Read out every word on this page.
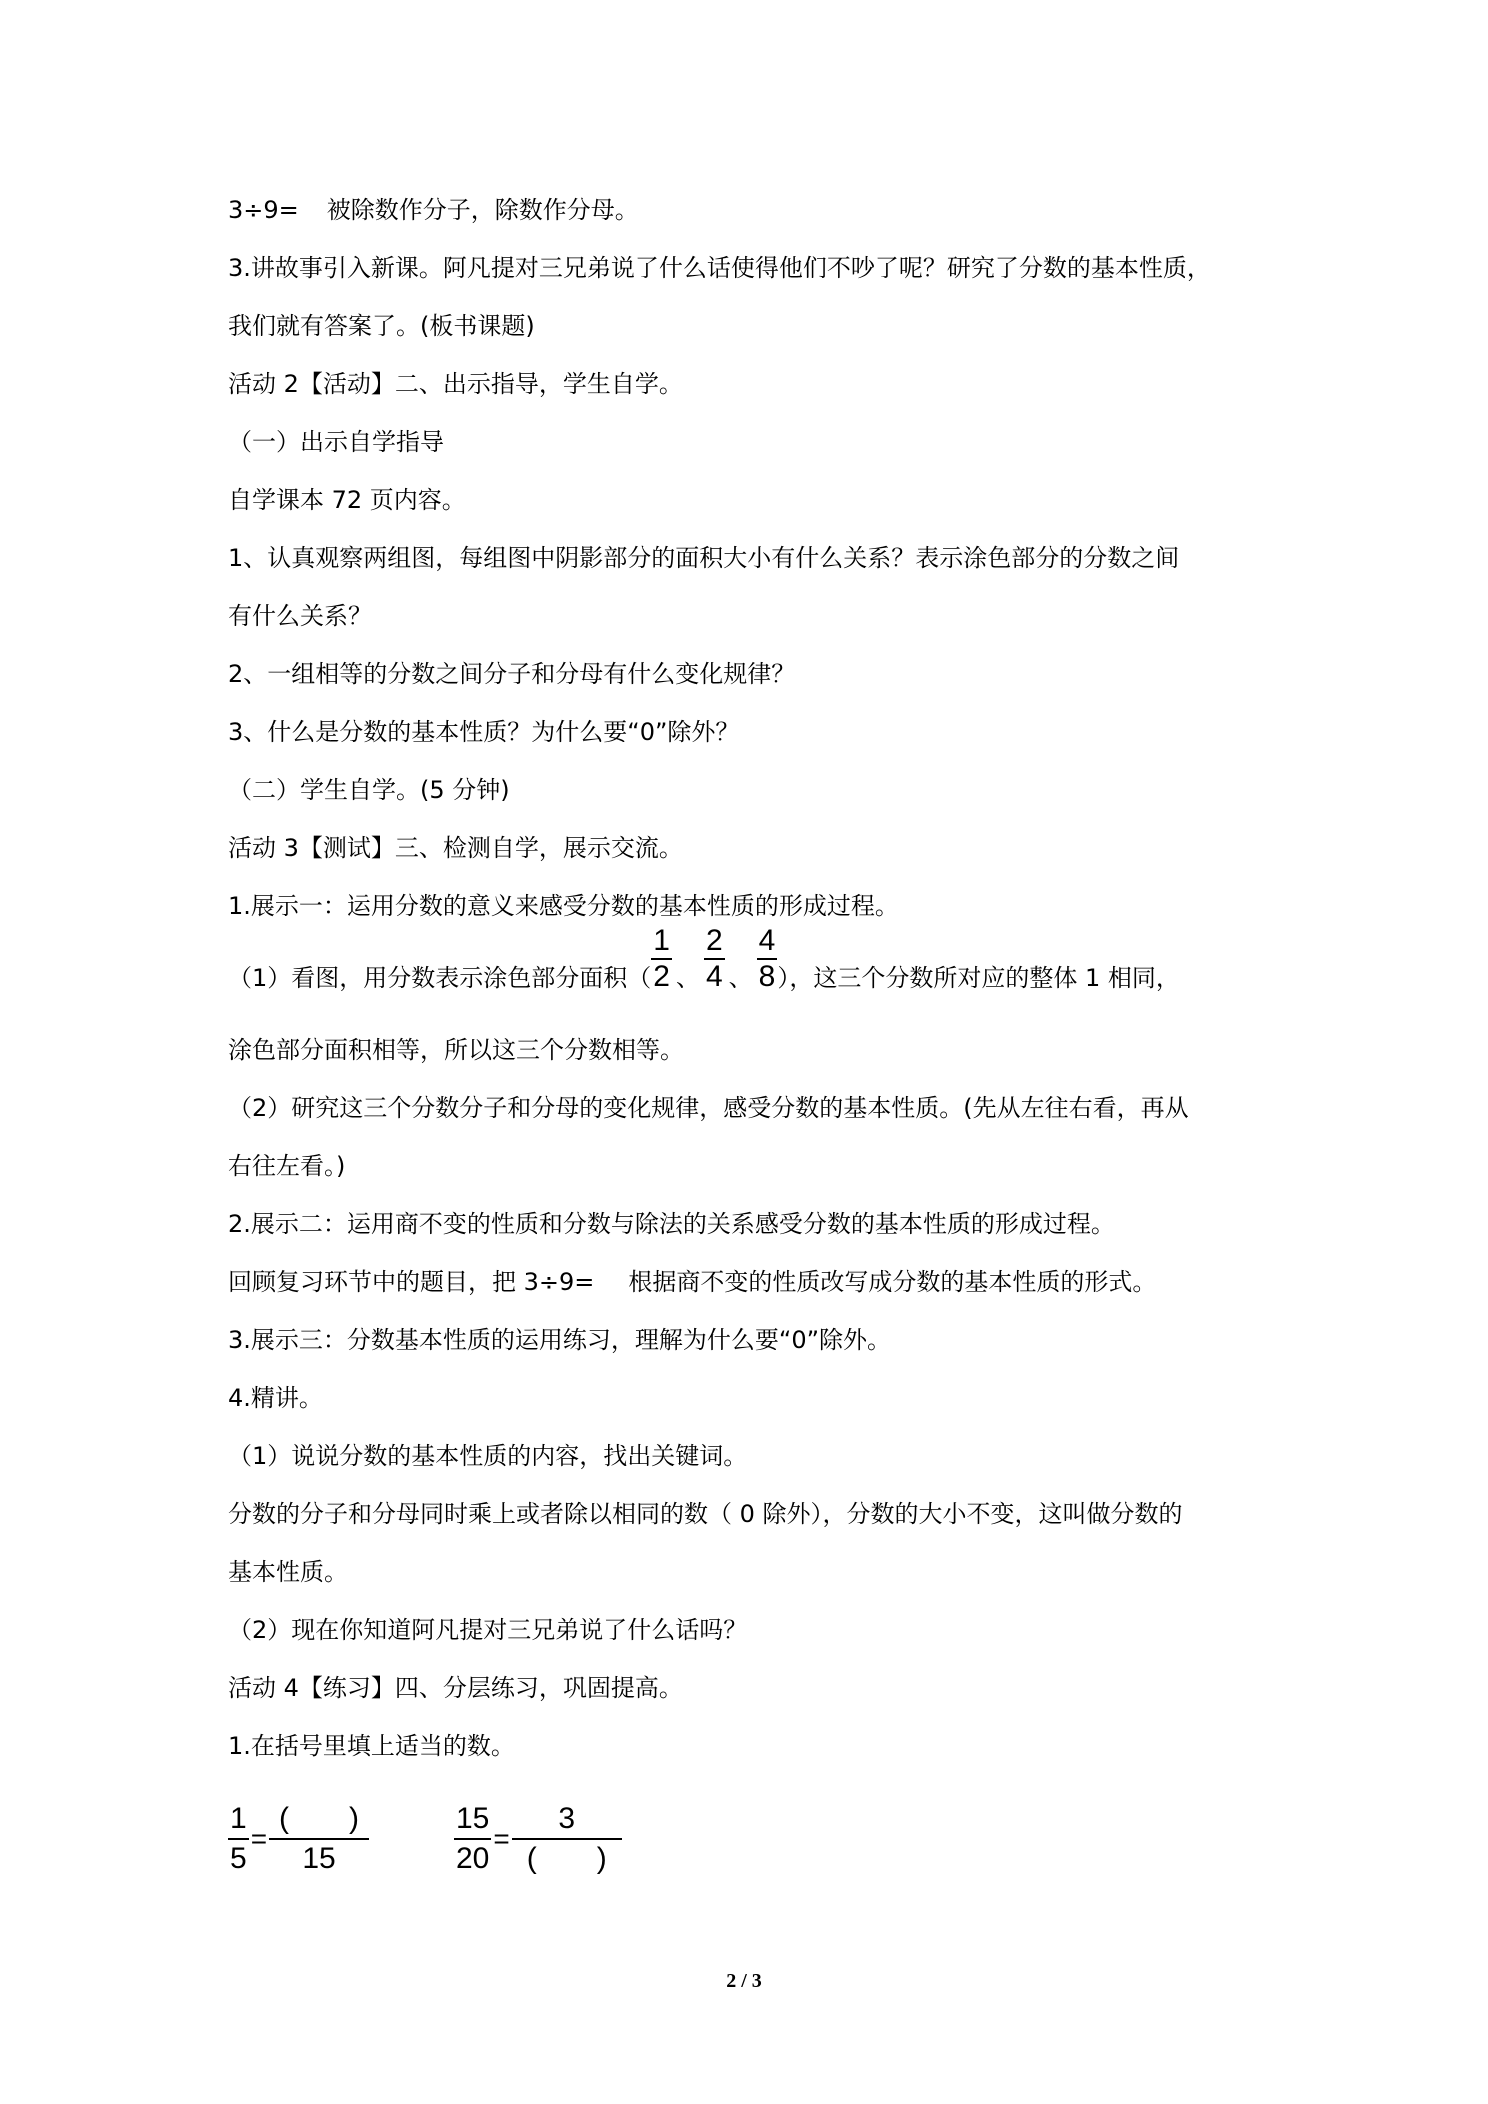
3÷9= 被除数作分子，除数作分母。
3.讲故事引入新课。阿凡提对三兄弟说了什么话使得他们不吵了呢？研究了分数的基本性质，
我们就有答案了。(板书课题)
活动 2【活动】二、出示指导，学生自学。
（一）出示自学指导
自学课本 72 页内容。
1、认真观察两组图，每组图中阴影部分的面积大小有什么关系？表示涂色部分的分数之间
有什么关系？
2、一组相等的分数之间分子和分母有什么变化规律？
3、什么是分数的基本性质？为什么要“0”除外？
（二）学生自学。(5 分钟)
活动 3【测试】三、检测自学，展示交流。
1.展示一：运用分数的意义来感受分数的基本性质的形成过程。
（1）看图，用分数表示涂色部分面积（ $\frac{1}{2}$ 、 $\frac{2}{4}$ 、 $\frac{4}{8}$ ），这三个分数所对应的整体 1 相同，
涂色部分面积相等，所以这三个分数相等。
（2）研究这三个分数分子和分母的变化规律，感受分数的基本性质。(先从左往右看，再从
右往左看。)
2.展示二：运用商不变的性质和分数与除法的关系感受分数的基本性质的形成过程。
回顾复习环节中的题目，把 3÷9= 根据商不变的性质改写成分数的基本性质的形式。
3.展示三：分数基本性质的运用练习，理解为什么要“0”除外。
4.精讲。
（1）说说分数的基本性质的内容，找出关键词。
分数的分子和分母同时乘上或者除以相同的数（ 0 除外），分数的大小不变，这叫做分数的
基本性质。
（2）现在你知道阿凡提对三兄弟说了什么话吗？
活动 4【练习】四、分层练习，巩固提高。
1.在括号里填上适当的数。
$\frac{1}{5} = \frac{( )}{15}$	$\frac{15}{20} = \frac{3}{( )}$
2 / 3
